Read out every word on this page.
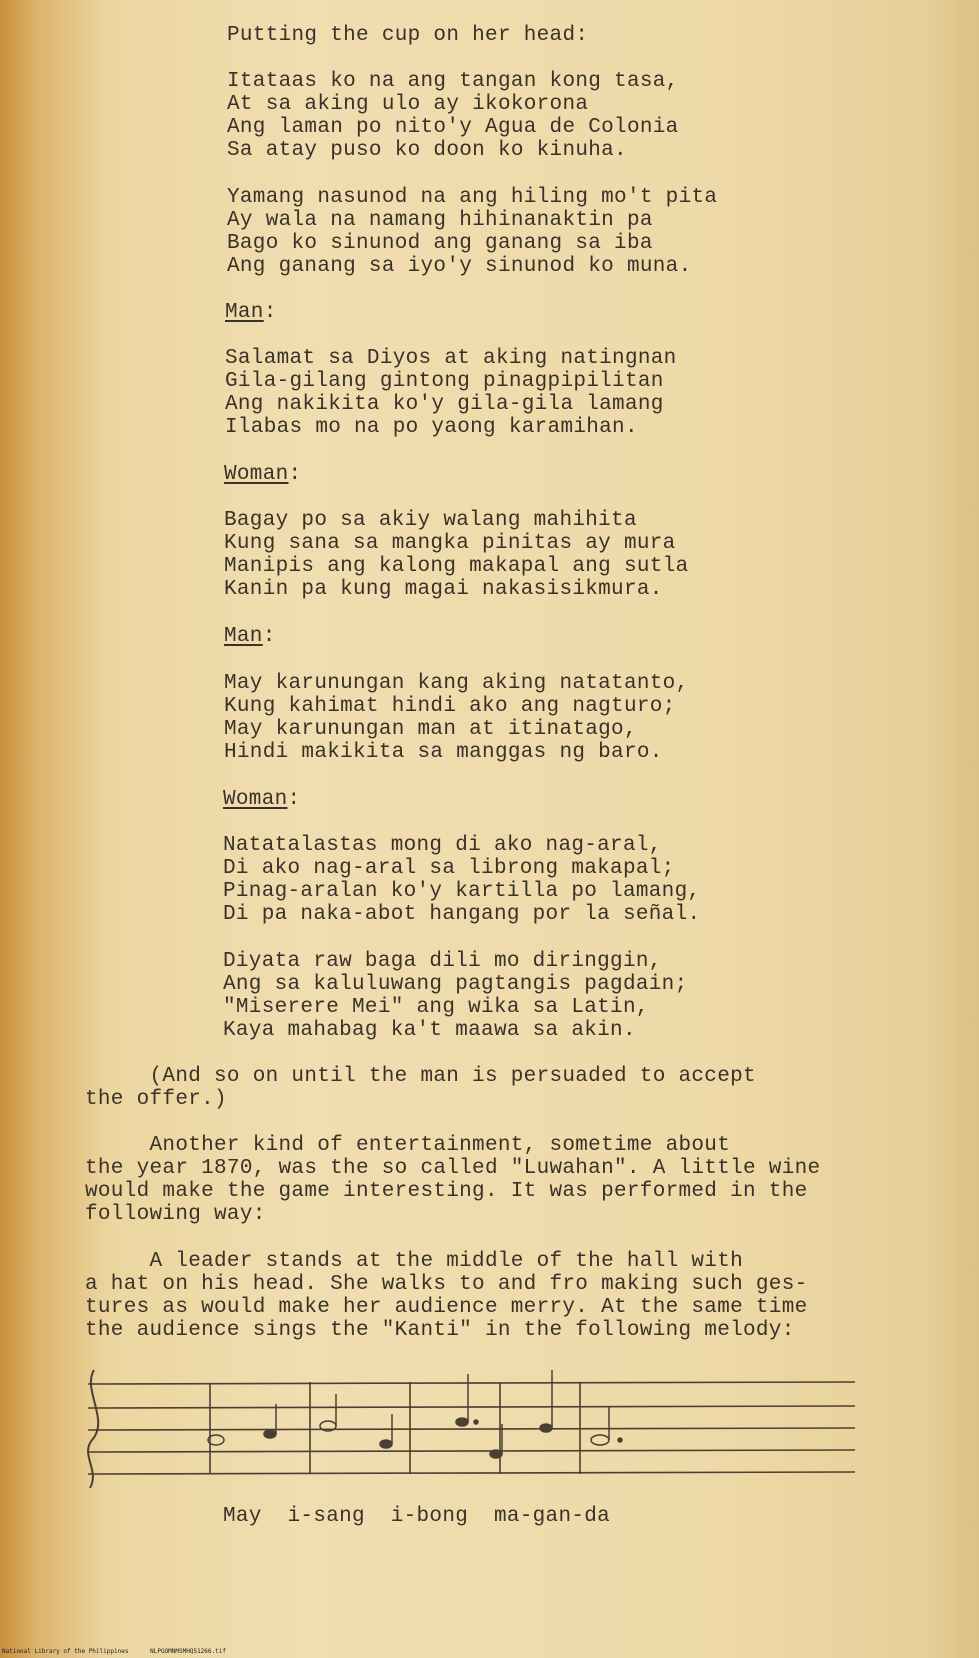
Putting the cup on her head:
Itataas ko na ang tangan kong tasa,
At sa aking ulo ay ikokorona
Ang laman po nito'y Agua de Colonia
Sa atay puso ko doon ko kinuha.
Yamang nasunod na ang hiling mo't pita
Ay wala na namang hihinanaktin pa
Bago ko sinunod ang ganang sa iba
Ang ganang sa iyo'y sinunod ko muna.
Man:
Salamat sa Diyos at aking natingnan
Gila-gilang gintong pinagpipilitan
Ang nakikita ko'y gila-gila lamang
Ilabas mo na po yaong karamihan.
Woman:
Bagay po sa akiy walang mahihita
Kung sana sa mangka pinitas ay mura
Manipis ang kalong makapal ang sutla
Kanin pa kung magai nakasisikmura.
Man:
May karunungan kang aking natatanto,
Kung kahimat hindi ako ang nagturo;
May karunungan man at itinatago,
Hindi makikita sa manggas ng baro.
Woman:
Natatalastas mong di ako nag-aral,
Di ako nag-aral sa librong makapal;
Pinag-aralan ko'y kartilla po lamang,
Di pa naka-abot hangang por la señal.
Diyata raw baga dili mo diringgin,
Ang sa kaluluwang pagtangis pagdain;
"Miserere Mei" ang wika sa Latin,
Kaya mahabag ka't maawa sa akin.
(And so on until the man is persuaded to accept
the offer.)
Another kind of entertainment, sometime about
the year 1870, was the so called "Luwahan". A little wine
would make the game interesting. It was performed in the
following way:
A leader stands at the middle of the hall with
a hat on his head. She walks to and fro making such ges-
tures as would make her audience merry. At the same time
the audience sings the "Kanti" in the following melody:
May  i-sang  i-bong  ma-gan-da
National Library of the Philippines      NLPGOMNMSMHQ51266.tif
